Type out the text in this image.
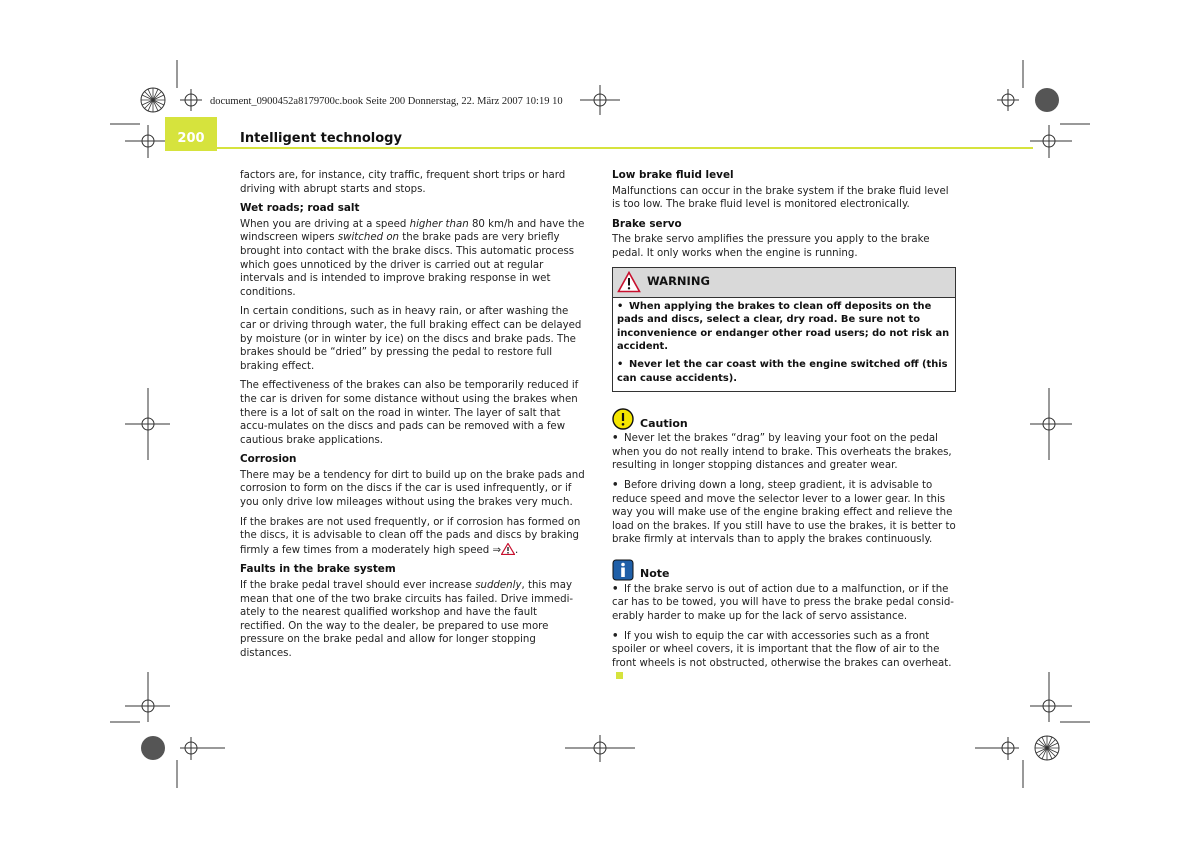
document_0900452a8179700c.book Seite 200 Donnerstag, 22. März 2007 10:19 10
200	Intelligent technology

factors are, for instance, city traffic, frequent short trips or hard driving with abrupt starts and stops.

Wet roads; road salt

When you are driving at a speed higher than 80 km/h and have the windscreen wipers switched on the brake pads are very briefly brought into contact with the brake discs. This automatic process which goes unnoticed by the driver is carried out at regular intervals and is intended to improve braking response in wet conditions.

In certain conditions, such as in heavy rain, or after washing the car or driving through water, the full braking effect can be delayed by moisture (or in winter by ice) on the discs and brake pads. The brakes should be “dried” by pressing the pedal to restore full braking effect.

The effectiveness of the brakes can also be temporarily reduced if the car is driven for some distance without using the brakes when there is a lot of salt on the road in winter. The layer of salt that accu-mulates on the discs and pads can be removed with a few cautious brake applications.

Corrosion

There may be a tendency for dirt to build up on the brake pads and corrosion to form on the discs if the car is used infrequently, or if you only drive low mileages without using the brakes very much.

If the brakes are not used frequently, or if corrosion has formed on the discs, it is advisable to clean off the pads and discs by braking firmly a few times from a moderately high speed ⇒ .

Faults in the brake system

If the brake pedal travel should ever increase suddenly, this may mean that one of the two brake circuits has failed. Drive immedi-ately to the nearest qualified workshop and have the fault rectified. On the way to the dealer, be prepared to use more pressure on the brake pedal and allow for longer stopping distances.

Low brake fluid level

Malfunctions can occur in the brake system if the brake fluid level is too low. The brake fluid level is monitored electronically.

Brake servo

The brake servo amplifies the pressure you apply to the brake pedal. It only works when the engine is running.

WARNING

• When applying the brakes to clean off deposits on the pads and discs, select a clear, dry road. Be sure not to inconvenience or endanger other road users; do not risk an accident.

• Never let the car coast with the engine switched off (this can cause accidents).

Caution

• Never let the brakes “drag” by leaving your foot on the pedal when you do not really intend to brake. This overheats the brakes, resulting in longer stopping distances and greater wear.

• Before driving down a long, steep gradient, it is advisable to reduce speed and move the selector lever to a lower gear. In this way you will make use of the engine braking effect and relieve the load on the brakes. If you still have to use the brakes, it is better to brake firmly at intervals than to apply the brakes continuously.

Note

• If the brake servo is out of action due to a malfunction, or if the car has to be towed, you will have to press the brake pedal consid-erably harder to make up for the lack of servo assistance.

• If you wish to equip the car with accessories such as a front spoiler or wheel covers, it is important that the flow of air to the front wheels is not obstructed, otherwise the brakes can overheat.
